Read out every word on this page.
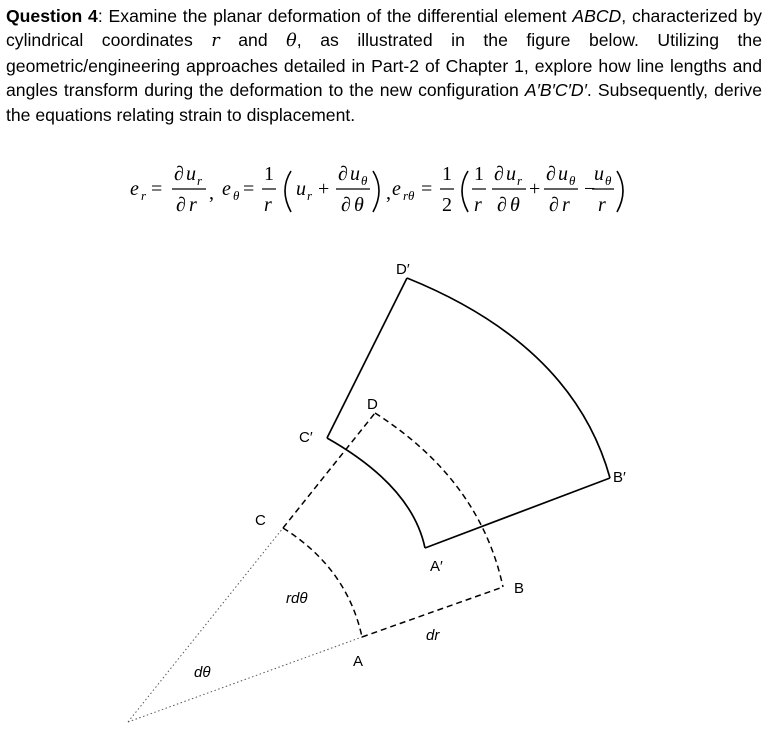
Question 4: Examine the planar deformation of the differential element ABCD, characterized by cylindrical coordinates r and θ, as illustrated in the figure below. Utilizing the geometric/engineering approaches detailed in Part-2 of Chapter 1, explore how line lengths and angles transform during the deformation to the new configuration A′B′C′D′. Subsequently, derive the equations relating strain to displacement.

e r =
∂ u r
∂ r
, e θ =
1
r
u r +
∂ u θ
∂ θ
, e rθ =
1
2
1
r
∂ u r
∂ θ
+
∂ u θ
∂ r
−
u θ
r
D′
D
C′
B′
C
A′
B
rdθ
dr
A
dθ
